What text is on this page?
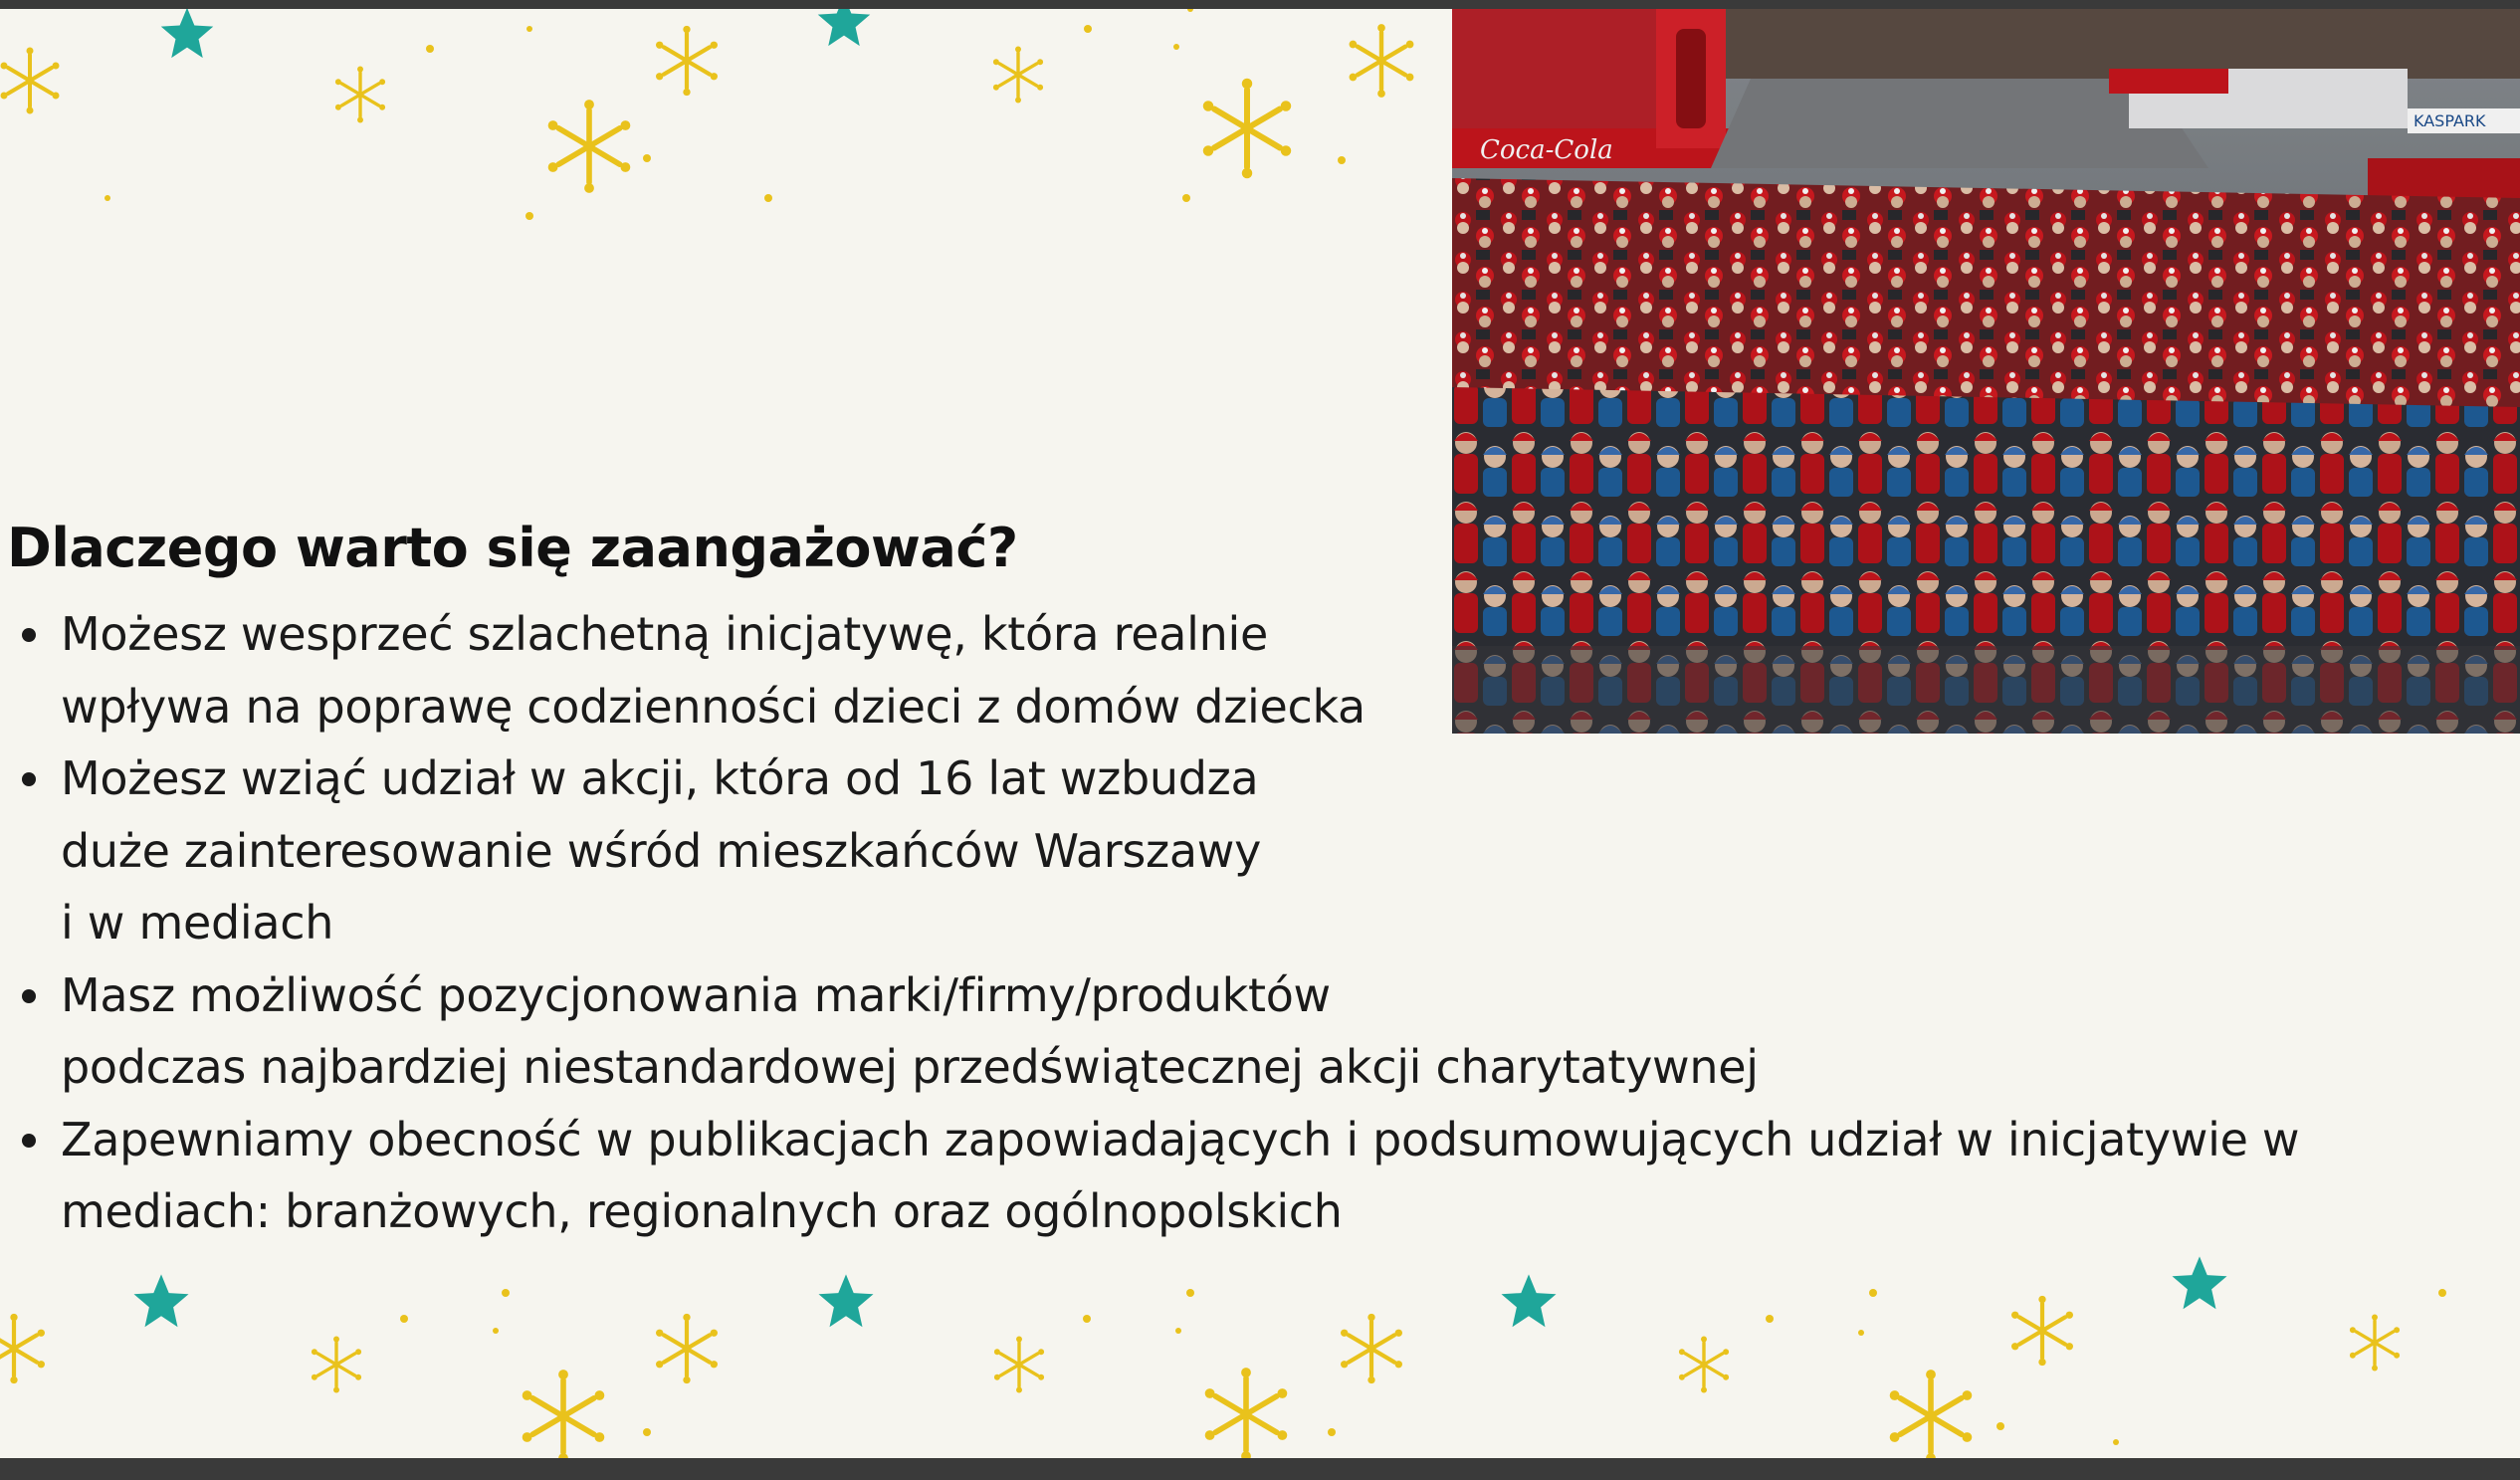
Coca-Cola
KASPARK
Dlaczego warto się zaangażować?
Możesz wesprzeć szlachetną inicjatywę, która realnie
wpływa na poprawę codzienności dzieci z domów dziecka
Możesz wziąć udział w akcji, która od 16 lat wzbudza
duże zainteresowanie wśród mieszkańców Warszawy
i w mediach
Masz możliwość pozycjonowania marki/firmy/produktów
podczas najbardziej niestandardowej przedświątecznej akcji charytatywnej
Zapewniamy obecność w publikacjach zapowiadających i podsumowujących udział w inicjatywie w
mediach: branżowych, regionalnych oraz ogólnopolskich
